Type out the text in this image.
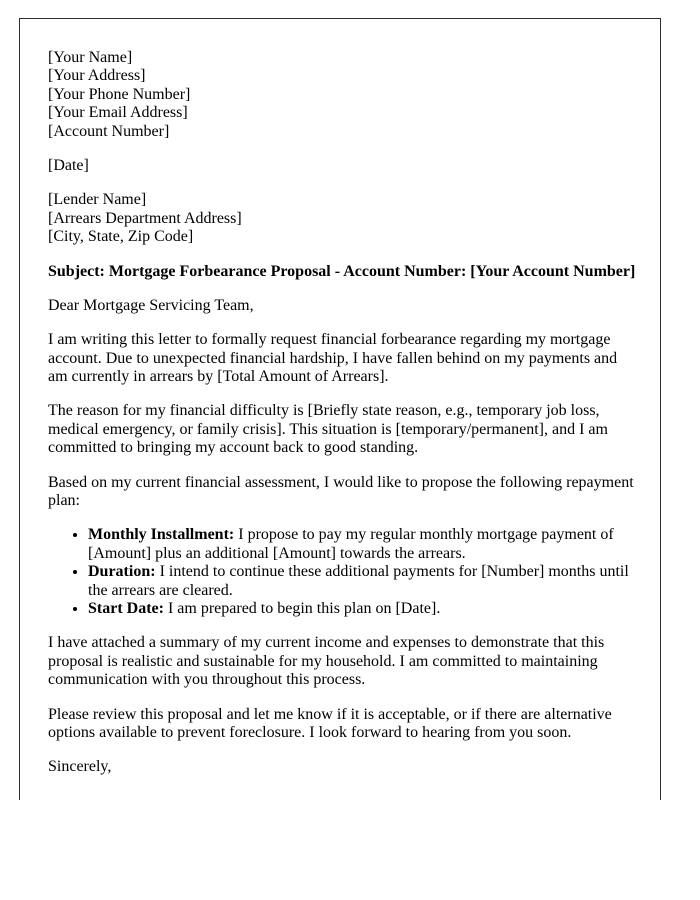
[Your Name]
[Your Address]
[Your Phone Number]
[Your Email Address]
[Account Number]
[Date]
[Lender Name]
[Arrears Department Address]
[City, State, Zip Code]
Subject: Mortgage Forbearance Proposal - Account Number: [Your Account Number]
Dear Mortgage Servicing Team,
I am writing this letter to formally request financial forbearance regarding my mortgage account. Due to unexpected financial hardship, I have fallen behind on my payments and am currently in arrears by [Total Amount of Arrears].
The reason for my financial difficulty is [Briefly state reason, e.g., temporary job loss, medical emergency, or family crisis]. This situation is [temporary/permanent], and I am committed to bringing my account back to good standing.
Based on my current financial assessment, I would like to propose the following repayment plan:
• Monthly Installment: I propose to pay my regular monthly mortgage payment of [Amount] plus an additional [Amount] towards the arrears.
• Duration: I intend to continue these additional payments for [Number] months until the arrears are cleared.
• Start Date: I am prepared to begin this plan on [Date].
I have attached a summary of my current income and expenses to demonstrate that this proposal is realistic and sustainable for my household. I am committed to maintaining communication with you throughout this process.
Please review this proposal and let me know if it is acceptable, or if there are alternative options available to prevent foreclosure. I look forward to hearing from you soon.
Sincerely,
